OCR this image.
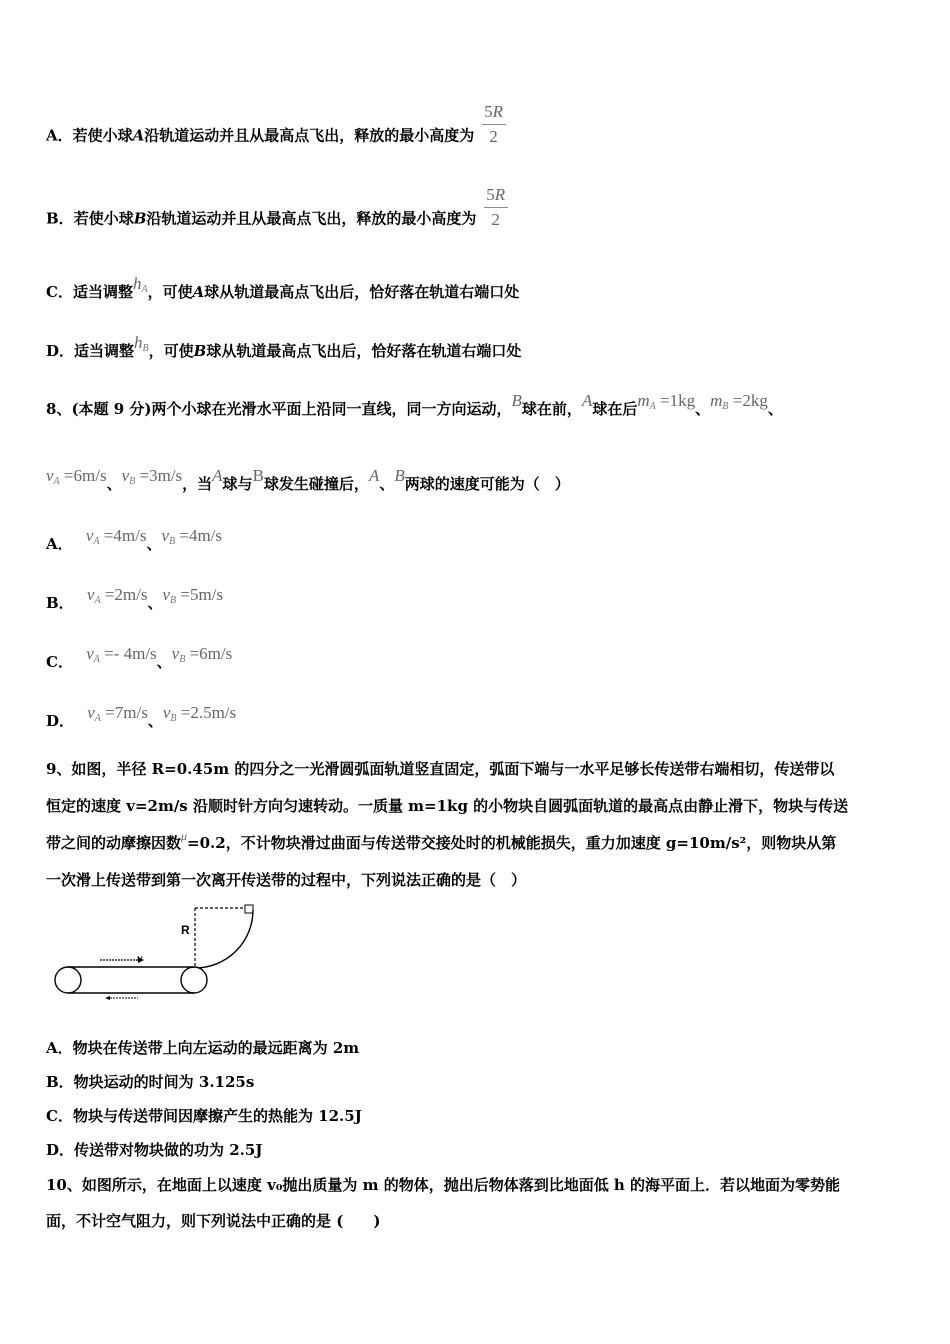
A．若使小球A沿轨道运动并且从最高点飞出，释放的最小高度为 $\frac{5R}{2}$
B．若使小球B沿轨道运动并且从最高点飞出，释放的最小高度为 $\frac{5R}{2}$
C．适当调整$h_A$，可使A球从轨道最高点飞出后，恰好落在轨道右端口处
D．适当调整$h_B$，可使B球从轨道最高点飞出后，恰好落在轨道右端口处
8、(本题 9 分)两个小球在光滑水平面上沿同一直线，同一方向运动，B球在前，A球在后$m_A =1kg$、$m_B =2kg$、
$v_A =6m/s$、$v_B =3m/s$，当A球与B球发生碰撞后，A、B两球的速度可能为（　）
A． $v_A =4m/s$、$v_B =4m/s$
B． $v_A =2m/s$、$v_B =5m/s$
C． $v_A =- 4m/s$、$v_B =6m/s$
D． $v_A =7m/s$、$v_B =2.5m/s$
9、如图，半径 R=0.45m 的四分之一光滑圆弧面轨道竖直固定，弧面下端与一水平足够长传送带右端相切，传送带以
恒定的速度 v=2m/s 沿顺时针方向匀速转动。一质量 m=1kg 的小物块自圆弧面轨道的最高点由静止滑下，物块与传送
带之间的动摩擦因数$^\mu$=0.2，不计物块滑过曲面与传送带交接处时的机械能损失，重力加速度 g=10m/s²，则物块从第
一次滑上传送带到第一次离开传送带的过程中，下列说法正确的是（　）
R
v
A．物块在传送带上向左运动的最远距离为 2m
B．物块运动的时间为 3.125s
C．物块与传送带间因摩擦产生的热能为 12.5J
D．传送带对物块做的功为 2.5J
10、如图所示，在地面上以速度 v₀抛出质量为 m 的物体，抛出后物体落到比地面低 h 的海平面上．若以地面为零势能
面，不计空气阻力，则下列说法中正确的是 (　　)
